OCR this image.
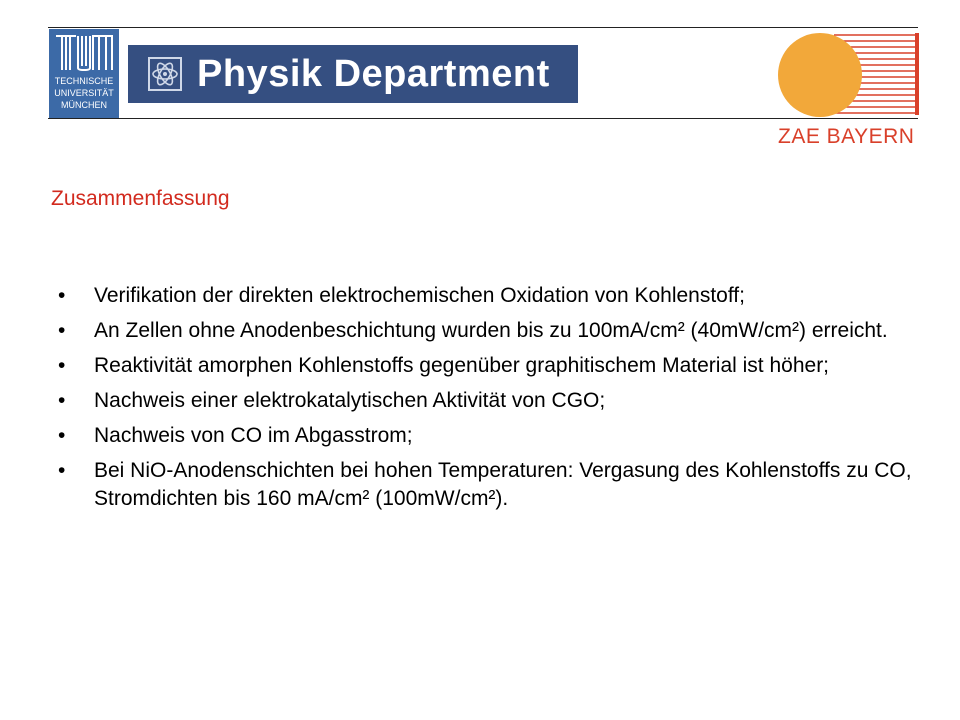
TECHNISCHE
UNIVERSITÄT
MÜNCHEN
Physik Department
ZAE BAYERN
Zusammenfassung
• Verifikation der direkten elektrochemischen Oxidation von Kohlenstoff;
• An Zellen ohne Anodenbeschichtung wurden bis zu 100mA/cm² (40mW/cm²) erreicht.
• Reaktivität amorphen Kohlenstoffs gegenüber graphitischem Material ist höher;
• Nachweis einer elektrokatalytischen Aktivität von CGO;
• Nachweis von CO im Abgasstrom;
• Bei NiO-Anodenschichten bei hohen Temperaturen: Vergasung des Kohlenstoffs zu CO, Stromdichten bis 160 mA/cm² (100mW/cm²).
